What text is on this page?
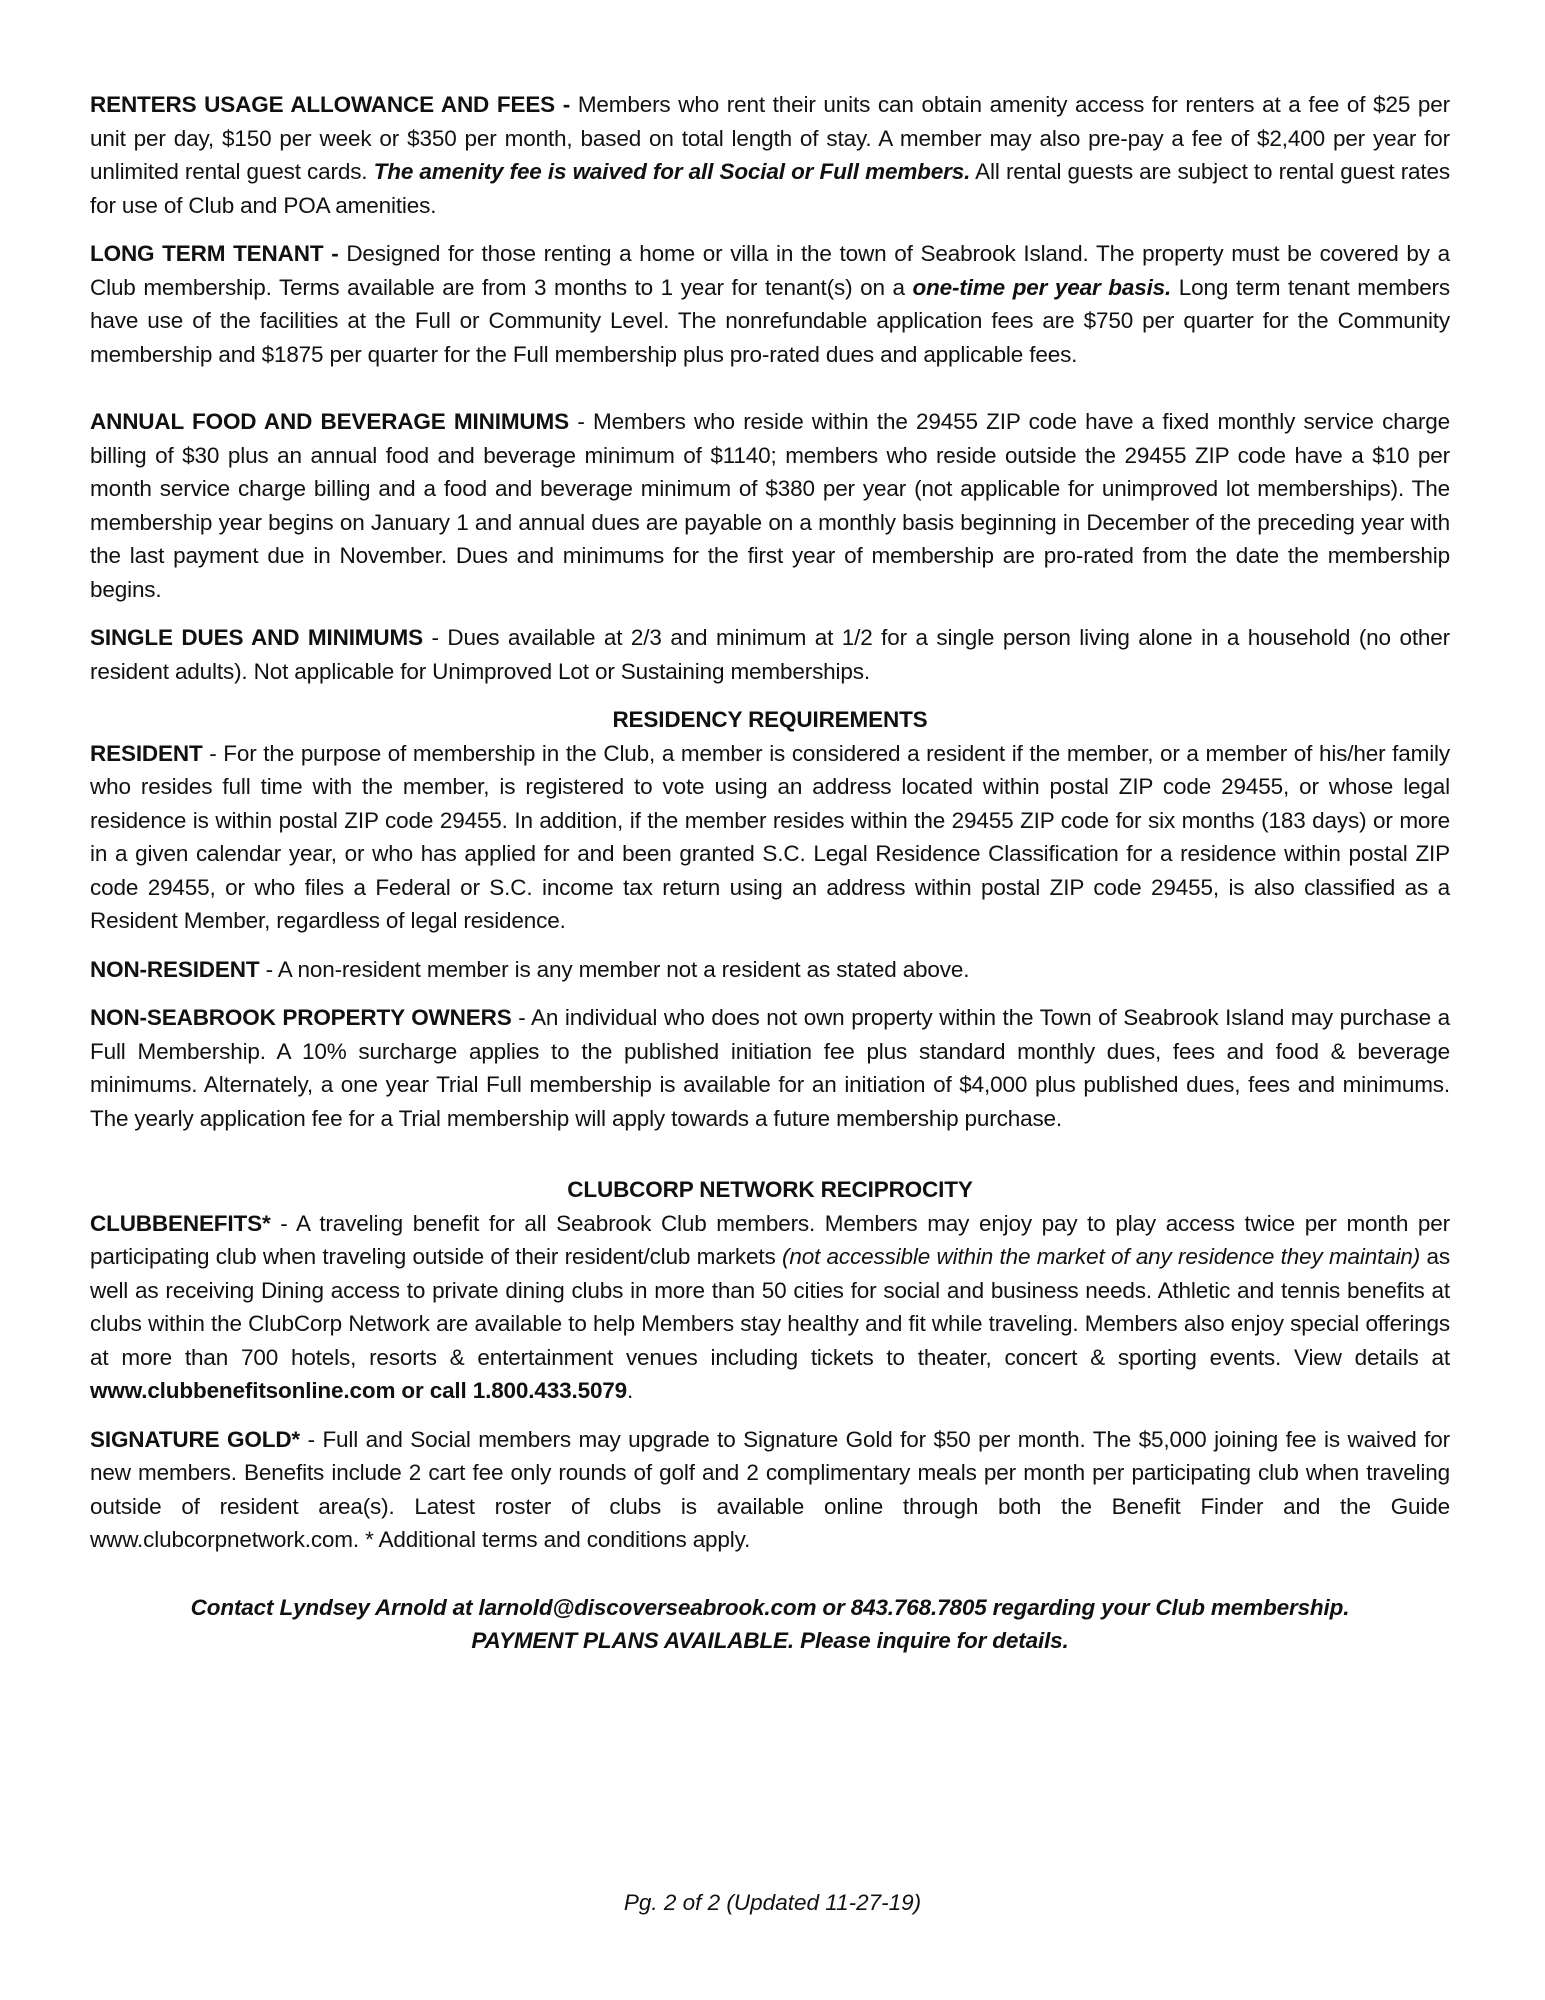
RENTERS USAGE ALLOWANCE AND FEES - Members who rent their units can obtain amenity access for renters at a fee of $25 per unit per day, $150 per week or $350 per month, based on total length of stay. A member may also pre-pay a fee of $2,400 per year for unlimited rental guest cards. The amenity fee is waived for all Social or Full members. All rental guests are subject to rental guest rates for use of Club and POA amenities.

LONG TERM TENANT - Designed for those renting a home or villa in the town of Seabrook Island. The property must be covered by a Club membership. Terms available are from 3 months to 1 year for tenant(s) on a one-time per year basis. Long term tenant members have use of the facilities at the Full or Community Level. The nonrefundable application fees are $750 per quarter for the Community membership and $1875 per quarter for the Full membership plus pro-rated dues and applicable fees.

ANNUAL FOOD AND BEVERAGE MINIMUMS - Members who reside within the 29455 ZIP code have a fixed monthly service charge billing of $30 plus an annual food and beverage minimum of $1140; members who reside outside the 29455 ZIP code have a $10 per month service charge billing and a food and beverage minimum of $380 per year (not applicable for unimproved lot memberships). The membership year begins on January 1 and annual dues are payable on a monthly basis beginning in December of the preceding year with the last payment due in November. Dues and minimums for the first year of membership are pro-rated from the date the membership begins.

SINGLE DUES AND MINIMUMS - Dues available at 2/3 and minimum at 1/2 for a single person living alone in a household (no other resident adults). Not applicable for Unimproved Lot or Sustaining memberships.

RESIDENCY REQUIREMENTS

RESIDENT - For the purpose of membership in the Club, a member is considered a resident if the member, or a member of his/her family who resides full time with the member, is registered to vote using an address located within postal ZIP code 29455, or whose legal residence is within postal ZIP code 29455. In addition, if the member resides within the 29455 ZIP code for six months (183 days) or more in a given calendar year, or who has applied for and been granted S.C. Legal Residence Classification for a residence within postal ZIP code 29455, or who files a Federal or S.C. income tax return using an address within postal ZIP code 29455, is also classified as a Resident Member, regardless of legal residence.

NON-RESIDENT - A non-resident member is any member not a resident as stated above.

NON-SEABROOK PROPERTY OWNERS - An individual who does not own property within the Town of Seabrook Island may purchase a Full Membership. A 10% surcharge applies to the published initiation fee plus standard monthly dues, fees and food & beverage minimums. Alternately, a one year Trial Full membership is available for an initiation of $4,000 plus published dues, fees and minimums. The yearly application fee for a Trial membership will apply towards a future membership purchase.

CLUBCORP NETWORK RECIPROCITY

CLUBBENEFITS* - A traveling benefit for all Seabrook Club members. Members may enjoy pay to play access twice per month per participating club when traveling outside of their resident/club markets (not accessible within the market of any residence they maintain) as well as receiving Dining access to private dining clubs in more than 50 cities for social and business needs. Athletic and tennis benefits at clubs within the ClubCorp Network are available to help Members stay healthy and fit while traveling. Members also enjoy special offerings at more than 700 hotels, resorts & entertainment venues including tickets to theater, concert & sporting events. View details at www.clubbenefitsonline.com or call 1.800.433.5079.

SIGNATURE GOLD* - Full and Social members may upgrade to Signature Gold for $50 per month. The $5,000 joining fee is waived for new members. Benefits include 2 cart fee only rounds of golf and 2 complimentary meals per month per participating club when traveling outside of resident area(s). Latest roster of clubs is available online through both the Benefit Finder and the Guide www.clubcorpnetwork.com. * Additional terms and conditions apply.

Contact Lyndsey Arnold at larnold@discoverseabrook.com or 843.768.7805 regarding your Club membership.
PAYMENT PLANS AVAILABLE. Please inquire for details.
Pg. 2 of 2 (Updated 11-27-19)
